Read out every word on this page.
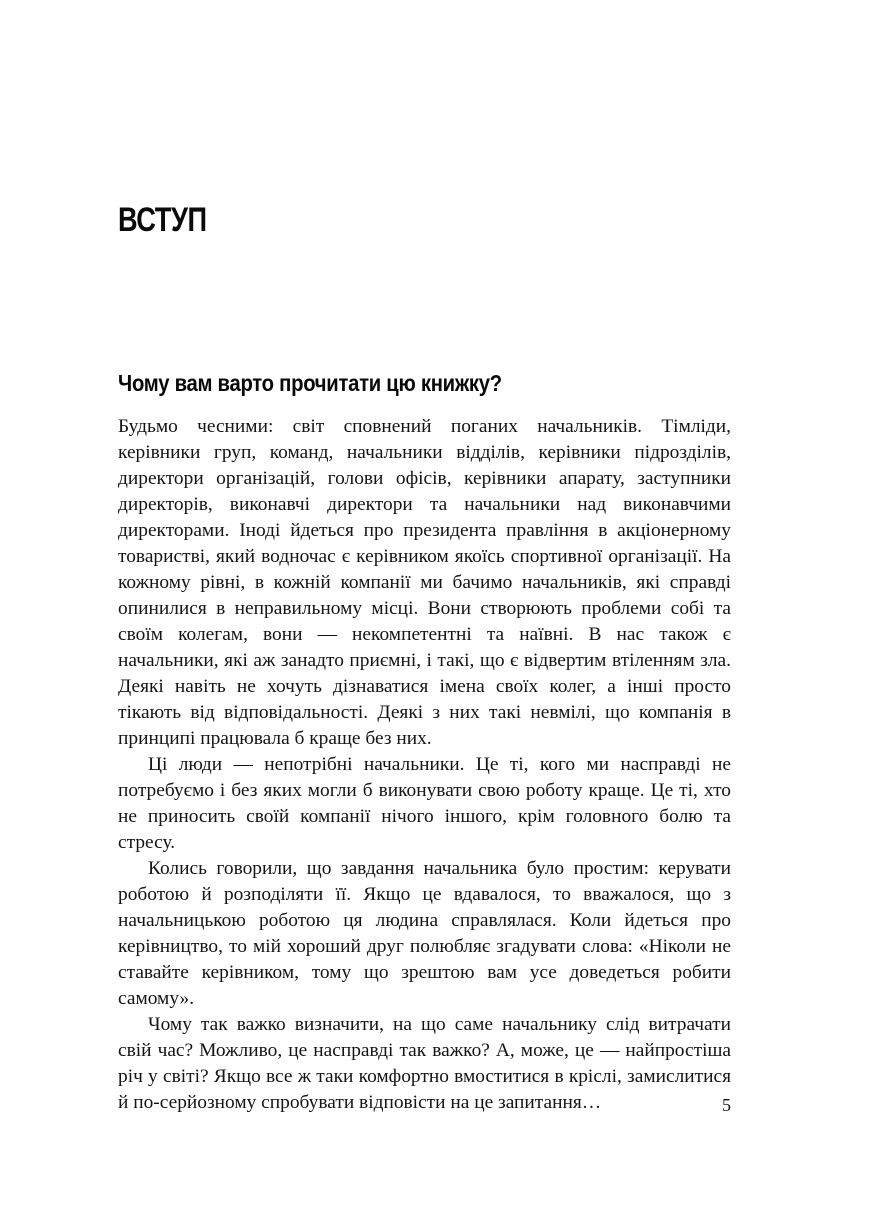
ВСТУП
Чому вам варто прочитати цю книжку?

Будьмо чесними: світ сповнений поганих начальників. Тімліди, керівники груп, команд, начальники відділів, керівники підрозділів, директори організацій, голови офісів, керівники апарату, заступники директорів, виконавчі директори та начальники над виконавчими директорами. Іноді йдеться про президента правління в акціонерному товаристві, який водночас є керівником якоїсь спортивної організації. На кожному рівні, в кожній компанії ми бачимо начальників, які справді опинилися в неправильному місці. Вони створюють проблеми собі та своїм колегам, вони — некомпетентні та наївні. В нас також є начальники, які аж занадто приємні, і такі, що є відвертим втіленням зла. Деякі навіть не хочуть дізнаватися імена своїх колег, а інші просто тікають від відповідальності. Деякі з них такі невмілі, що компанія в принципі працювала б краще без них.

Ці люди — непотрібні начальники. Це ті, кого ми насправді не потребуємо і без яких могли б виконувати свою роботу краще. Це ті, хто не приносить своїй компанії нічого іншого, крім головного болю та стресу.

Колись говорили, що завдання начальника було простим: керувати роботою й розподіляти її. Якщо це вдавалося, то вважалося, що з начальницькою роботою ця людина справлялася. Коли йдеться про керівництво, то мій хороший друг полюбляє згадувати слова: «Ніколи не ставайте керівником, тому що зрештою вам усе доведеться робити самому».

Чому так важко визначити, на що саме начальнику слід витрачати свій час? Можливо, це насправді так важко? А, може, це — найпростіша річ у світі? Якщо все ж таки комфортно вмоститися в кріслі, замислитися й по-серйозному спробувати відповісти на це запитання…	5
